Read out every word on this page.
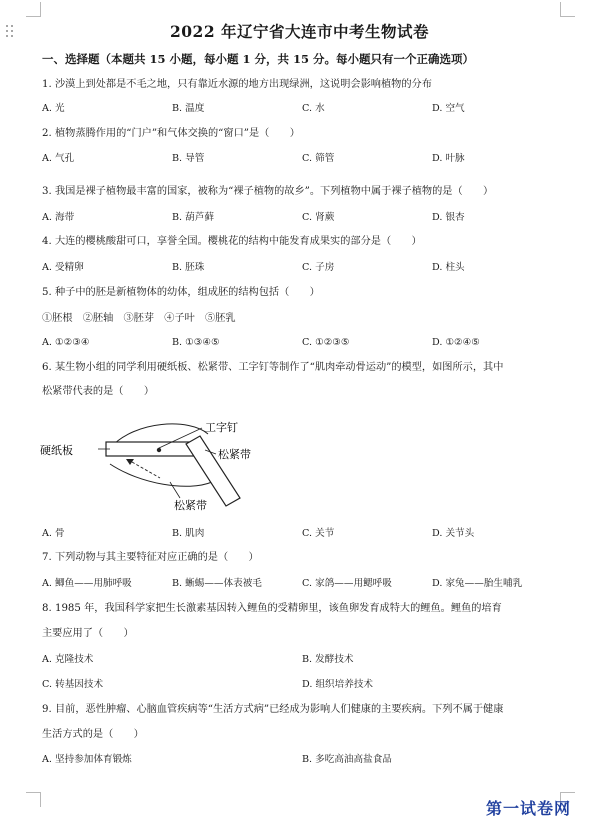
2022 年辽宁省大连市中考生物试卷
一、选择题（本题共 15 小题，每小题 1 分，共 15 分。每小题只有一个正确选项）
1. 沙漠上到处都是不毛之地，只有靠近水源的地方出现绿洲，这说明会影响植物的分布
A. 光	B. 温度	C. 水	D. 空气
2. 植物蒸腾作用的“门户”和气体交换的“窗口”是（　　）
A. 气孔	B. 导管	C. 筛管	D. 叶脉
3. 我国是裸子植物最丰富的国家，被称为“裸子植物的故乡”。下列植物中属于裸子植物的是（　　）
A. 海带	B. 葫芦藓	C. 肾蕨	D. 银杏
4. 大连的樱桃酸甜可口，享誉全国。樱桃花的结构中能发育成果实的部分是（　　）
A. 受精卵	B. 胚珠	C. 子房	D. 柱头
5. 种子中的胚是新植物体的幼体，组成胚的结构包括（　　）
①胚根　②胚轴　③胚芽　④子叶　⑤胚乳
A. ①②③④	B. ①③④⑤	C. ①②③⑤	D. ①②④⑤
6. 某生物小组的同学利用硬纸板、松紧带、工字钉等制作了“肌肉牵动骨运动”的模型，如图所示，其中
松紧带代表的是（　　）
硬纸板
工字钉
松紧带
松紧带
A. 骨	B. 肌肉	C. 关节	D. 关节头
7. 下列动物与其主要特征对应正确的是（　　）
A. 鲫鱼——用肺呼吸	B. 蜥蜴——体表被毛	C. 家鸽——用鳃呼吸	D. 家兔——胎生哺乳
8. 1985 年，我国科学家把生长激素基因转入鲤鱼的受精卵里，该鱼卵发育成特大的鲤鱼。鲤鱼的培育
主要应用了（　　）
A. 克隆技术	B. 发酵技术
C. 转基因技术	D. 组织培养技术
9. 目前，恶性肿瘤、心脑血管疾病等“生活方式病”已经成为影响人们健康的主要疾病。下列不属于健康
生活方式的是（　　）
A. 坚持参加体育锻炼	B. 多吃高油高盐食品
第一试卷网
